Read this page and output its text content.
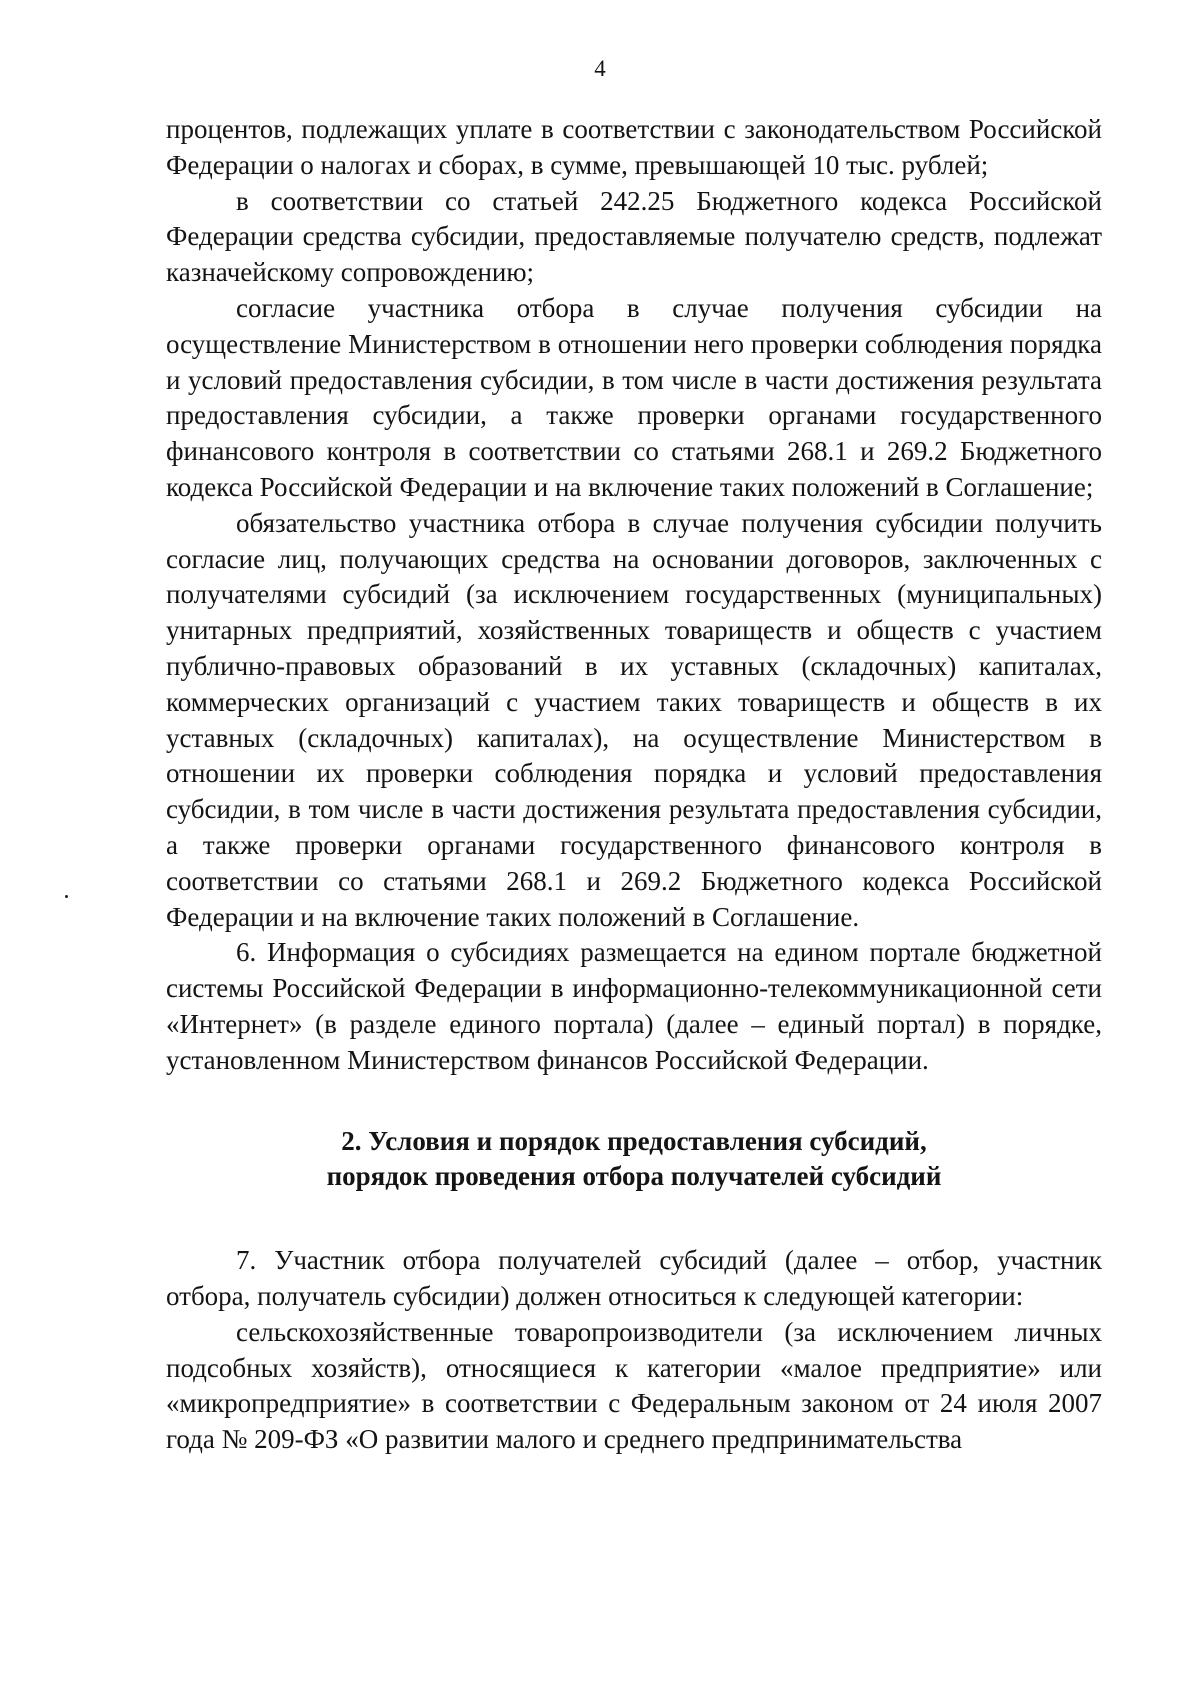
4

процентов, подлежащих уплате в соответствии с законодательством Российской Федерации о налогах и сборах, в сумме, превышающей 10 тыс. рублей;

в соответствии со статьей 242.25 Бюджетного кодекса Российской Федерации средства субсидии, предоставляемые получателю средств, подлежат казначейскому сопровождению;

согласие участника отбора в случае получения субсидии на осуществление Министерством в отношении него проверки соблюдения порядка и условий предоставления субсидии, в том числе в части достижения результата предоставления субсидии, а также проверки органами государственного финансового контроля в соответствии со статьями 268.1 и 269.2 Бюджетного кодекса Российской Федерации и на включение таких положений в Соглашение;

обязательство участника отбора в случае получения субсидии получить согласие лиц, получающих средства на основании договоров, заключенных с получателями субсидий (за исключением государственных (муниципальных) унитарных предприятий, хозяйственных товариществ и обществ с участием публично-правовых образований в их уставных (складочных) капиталах, коммерческих организаций с участием таких товариществ и обществ в их уставных (складочных) капиталах), на осуществление Министерством в отношении их проверки соблюдения порядка и условий предоставления субсидии, в том числе в части достижения результата предоставления субсидии, а также проверки органами государственного финансового контроля в соответствии со статьями 268.1 и 269.2 Бюджетного кодекса Российской Федерации и на включение таких положений в Соглашение.

6. Информация о субсидиях размещается на едином портале бюджетной системы Российской Федерации в информационно-телекоммуникационной сети «Интернет» (в разделе единого портала) (далее – единый портал) в порядке, установленном Министерством финансов Российской Федерации.

2. Условия и порядок предоставления субсидий,

порядок проведения отбора получателей субсидий

7. Участник отбора получателей субсидий (далее – отбор, участник отбора, получатель субсидии) должен относиться к следующей категории:

сельскохозяйственные товаропроизводители (за исключением личных подсобных хозяйств), относящиеся к категории «малое предприятие» или «микропредприятие» в соответствии с Федеральным законом от 24 июля 2007 года № 209-ФЗ «О развитии малого и среднего предпринимательства
